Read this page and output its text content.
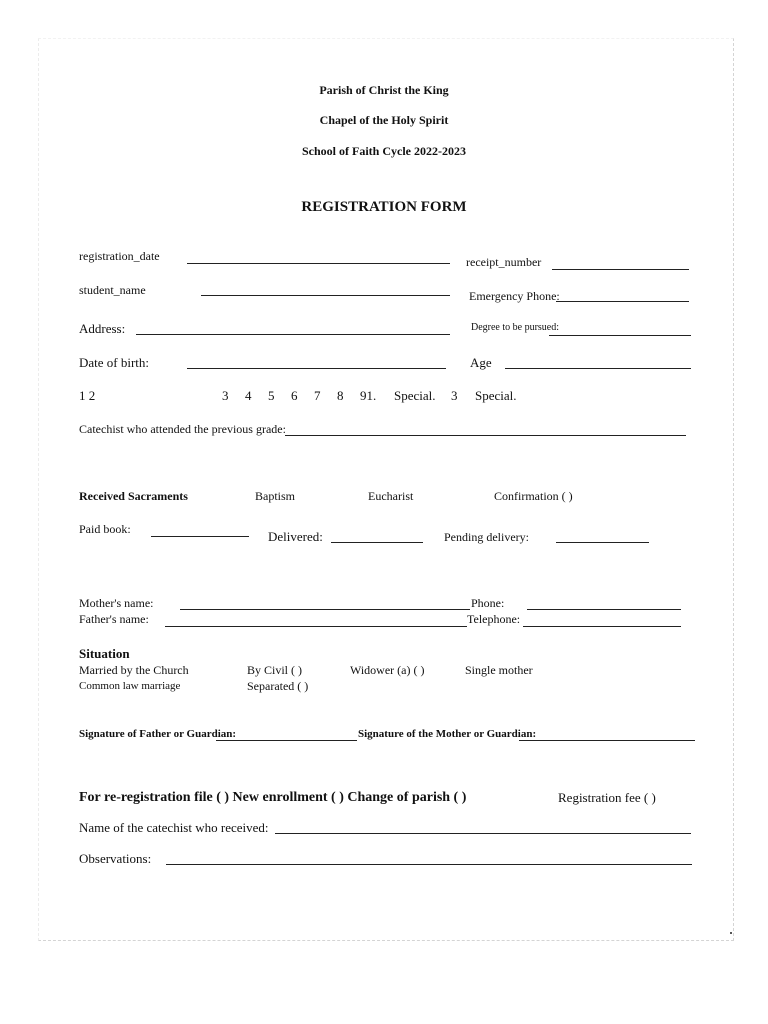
Parish of Christ the King
Chapel of the Holy Spirit
School of Faith Cycle 2022-2023
REGISTRATION FORM
registration_date	receipt_number
student_name	Emergency Phone:
Address:	Degree to be pursued:
Date of birth:	Age
1 2	3 4 5 6 7 8 91. Special. 3 Special.
Catechist who attended the previous grade:
Received Sacraments	Baptism	Eucharist	Confirmation ( )
Paid book:	Delivered:	Pending delivery:
Mother's name:	Phone:
Father's name:	Telephone:
Situation
Married by the Church	By Civil ( )	Widower (a) ( )	Single mother
Common law marriage	Separated ( )
Signature of Father or Guardian:	Signature of the Mother or Guardian:
For re-registration file ( ) New enrollment ( ) Change of parish ( )	Registration fee ( )
Name of the catechist who received:
Observations:
